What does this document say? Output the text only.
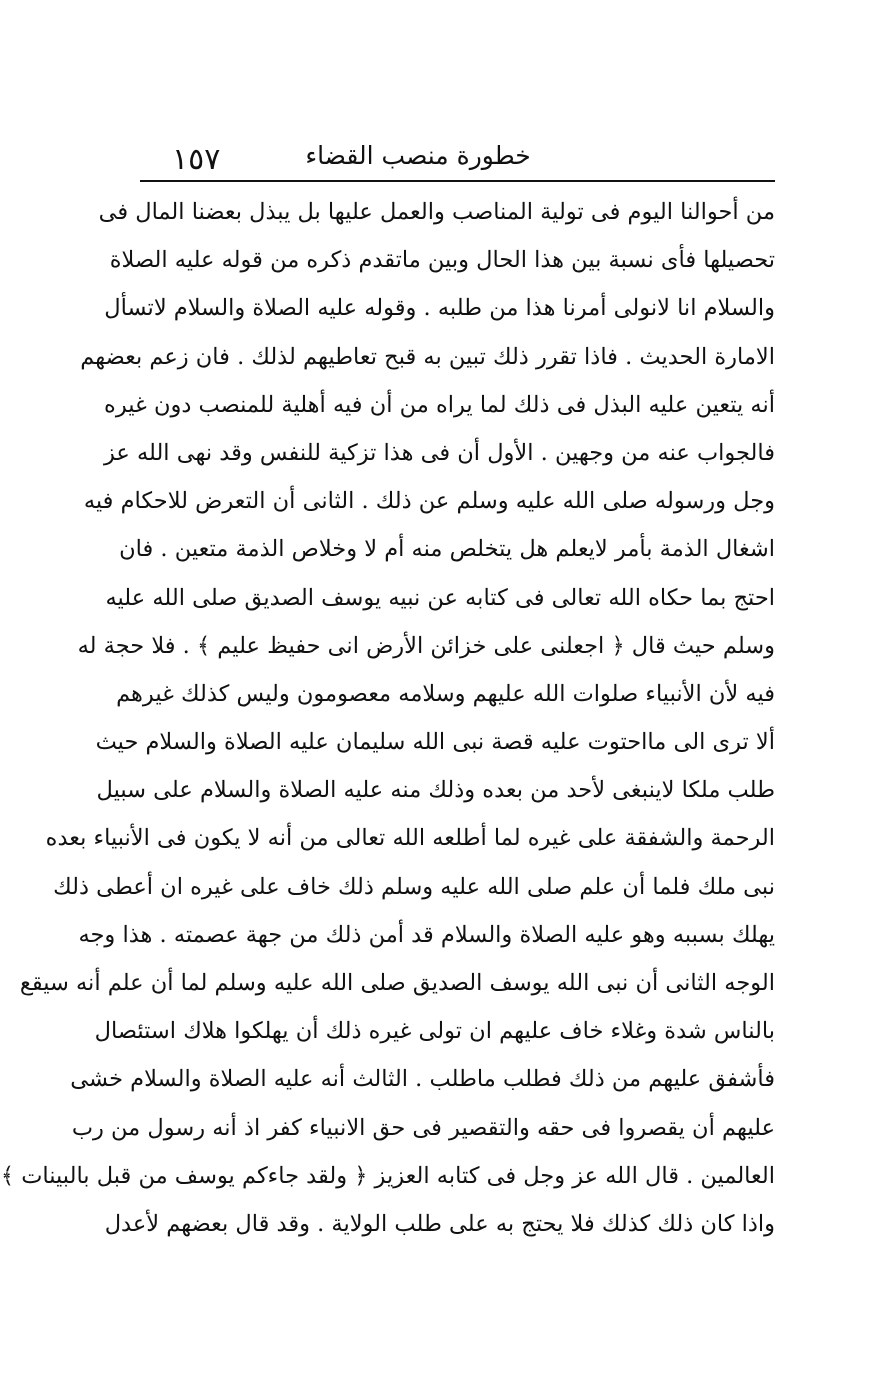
١٥٧	خطورة منصب القضاء
من أحوالنا اليوم فى تولية المناصب والعمل عليها بل يبذل بعضنا المال فى
تحصيلها فأى نسبة بين هذا الحال وبين ماتقدم ذكره من قوله عليه الصلاة
والسلام انا لانولى أمرنا هذا من طلبه . وقوله عليه الصلاة والسلام لاتسأل
الامارة الحديث . فاذا تقرر ذلك تبين به قبح تعاطيهم لذلك . فان زعم بعضهم
أنه يتعين عليه البذل فى ذلك لما يراه من أن فيه أهلية للمنصب دون غيره
فالجواب عنه من وجهين . الأول أن فى هذا تزكية للنفس وقد نهى الله عز
وجل ورسوله صلى الله عليه وسلم عن ذلك . الثانى أن التعرض للاحكام فيه
اشغال الذمة بأمر لايعلم هل يتخلص منه أم لا وخلاص الذمة متعين . فان
احتج بما حكاه الله تعالى فى كتابه عن نبيه يوسف الصديق صلى الله عليه
وسلم حيث قال ﴿ اجعلنى على خزائن الأرض انى حفيظ عليم ﴾ . فلا حجة له
فيه لأن الأنبياء صلوات الله عليهم وسلامه معصومون وليس كذلك غيرهم
ألا ترى الى مااحتوت عليه قصة نبى الله سليمان عليه الصلاة والسلام حيث
طلب ملكا لاينبغى لأحد من بعده وذلك منه عليه الصلاة والسلام على سبيل
الرحمة والشفقة على غيره لما أطلعه الله تعالى من أنه لا يكون فى الأنبياء بعده
نبى ملك فلما أن علم صلى الله عليه وسلم ذلك خاف على غيره ان أعطى ذلك
يهلك بسببه وهو عليه الصلاة والسلام قد أمن ذلك من جهة عصمته . هذا وجه
الوجه الثانى أن نبى الله يوسف الصديق صلى الله عليه وسلم لما أن علم أنه سيقع
بالناس شدة وغلاء خاف عليهم ان تولى غيره ذلك أن يهلكوا هلاك استئصال
فأشفق عليهم من ذلك فطلب ماطلب . الثالث أنه عليه الصلاة والسلام خشى
عليهم أن يقصروا فى حقه والتقصير فى حق الانبياء كفر اذ أنه رسول من رب
العالمين . قال الله عز وجل فى كتابه العزيز ﴿ ولقد جاءكم يوسف من قبل بالبينات ﴾
واذا كان ذلك كذلك فلا يحتج به على طلب الولاية . وقد قال بعضهم لأعدل
